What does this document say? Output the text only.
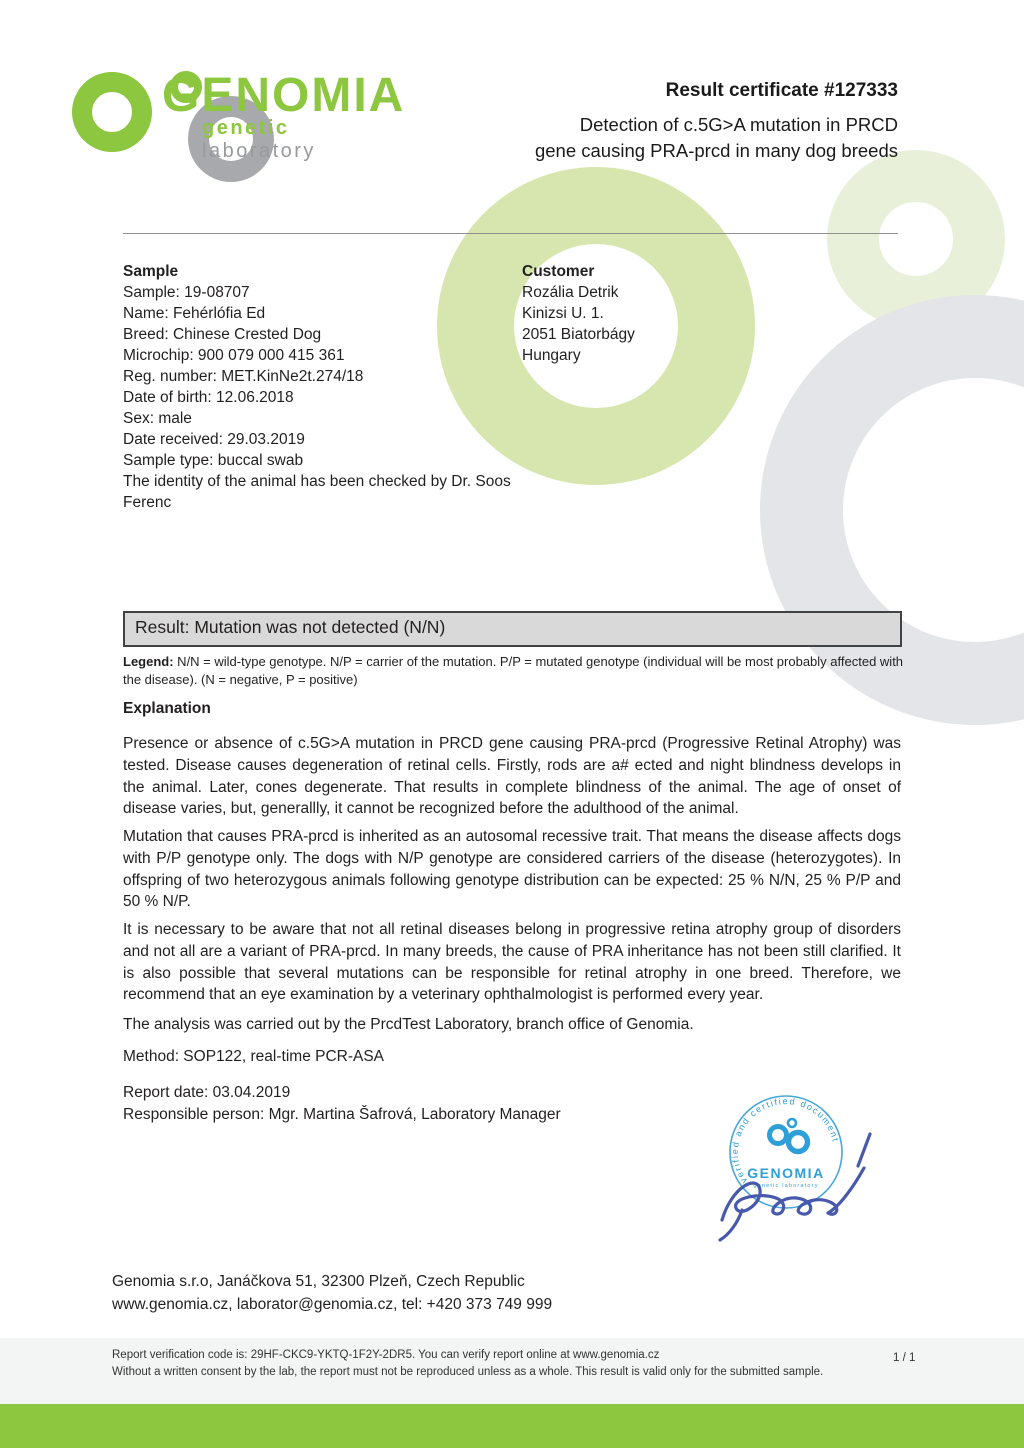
GENOMIA
genetic laboratory
Result certificate #127333
Detection of c.5G>A mutation in PRCD
gene causing PRA-prcd in many dog breeds
Sample
Sample: 19-08707
Name: Fehérlófia Ed
Breed: Chinese Crested Dog
Microchip: 900 079 000 415 361
Reg. number: MET.KinNe2t.274/18
Date of birth: 12.06.2018
Sex: male
Date received: 29.03.2019
Sample type: buccal swab
The identity of the animal has been checked by Dr. Soos Ferenc
Customer
Rozália Detrik
Kinizsi U. 1.
2051 Biatorbágy
Hungary
Result: Mutation was not detected (N/N)
Legend: N/N = wild-type genotype. N/P = carrier of the mutation. P/P = mutated genotype (individual will be most probably affected with the disease). (N = negative, P = positive)
Explanation

Presence or absence of c.5G>A mutation in PRCD gene causing PRA-prcd (Progressive Retinal Atrophy) was tested. Disease causes degeneration of retinal cells. Firstly, rods are a# ected and night blindness develops in the animal. Later, cones degenerate. That results in complete blindness of the animal. The age of onset of disease varies, but, generallly, it cannot be recognized before the adulthood of the animal.

Mutation that causes PRA-prcd is inherited as an autosomal recessive trait. That means the disease affects dogs with P/P genotype only. The dogs with N/P genotype are considered carriers of the disease (heterozygotes). In offspring of two heterozygous animals following genotype distribution can be expected: 25 % N/N, 25 % P/P and 50 % N/P.

It is necessary to be aware that not all retinal diseases belong in progressive retina atrophy group of disorders and not all are a variant of PRA-prcd. In many breeds, the cause of PRA inheritance has not been still clarified. It is also possible that several mutations can be responsible for retinal atrophy in one breed. Therefore, we recommend that an eye examination by a veterinary ophthalmologist is performed every year.

The analysis was carried out by the PrcdTest Laboratory, branch office of Genomia.
Method: SOP122, real-time PCR-ASA
Report date: 03.04.2019
Responsible person: Mgr. Martina Šafrová, Laboratory Manager
verified and certified document
GENOMIA
genetic laboratory
Genomia s.r.o, Janáčkova 51, 32300 Plzeň, Czech Republic
www.genomia.cz, laborator@genomia.cz, tel: +420 373 749 999
Report verification code is: 29HF-CKC9-YKTQ-1F2Y-2DR5. You can verify report online at www.genomia.cz
Without a written consent by the lab, the report must not be reproduced unless as a whole. This result is valid only for the submitted sample.
1 / 1
